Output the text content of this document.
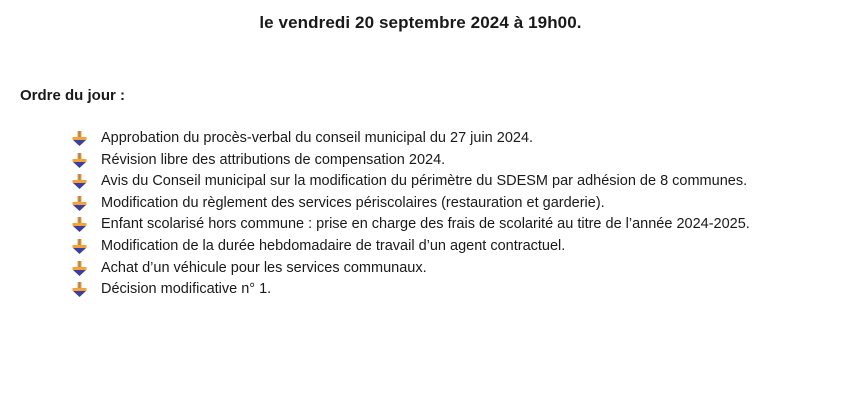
le vendredi 20 septembre 2024 à 19h00.
Ordre du jour :
Approbation du procès-verbal du conseil municipal du 27 juin 2024.
Révision libre des attributions de compensation 2024.
Avis du Conseil municipal sur la modification du périmètre du SDESM par adhésion de 8 communes.
Modification du règlement des services périscolaires (restauration et garderie).
Enfant scolarisé hors commune : prise en charge des frais de scolarité au titre de l’année 2024-2025.
Modification de la durée hebdomadaire de travail d’un agent contractuel.
Achat d’un véhicule pour les services communaux.
Décision modificative n° 1.
